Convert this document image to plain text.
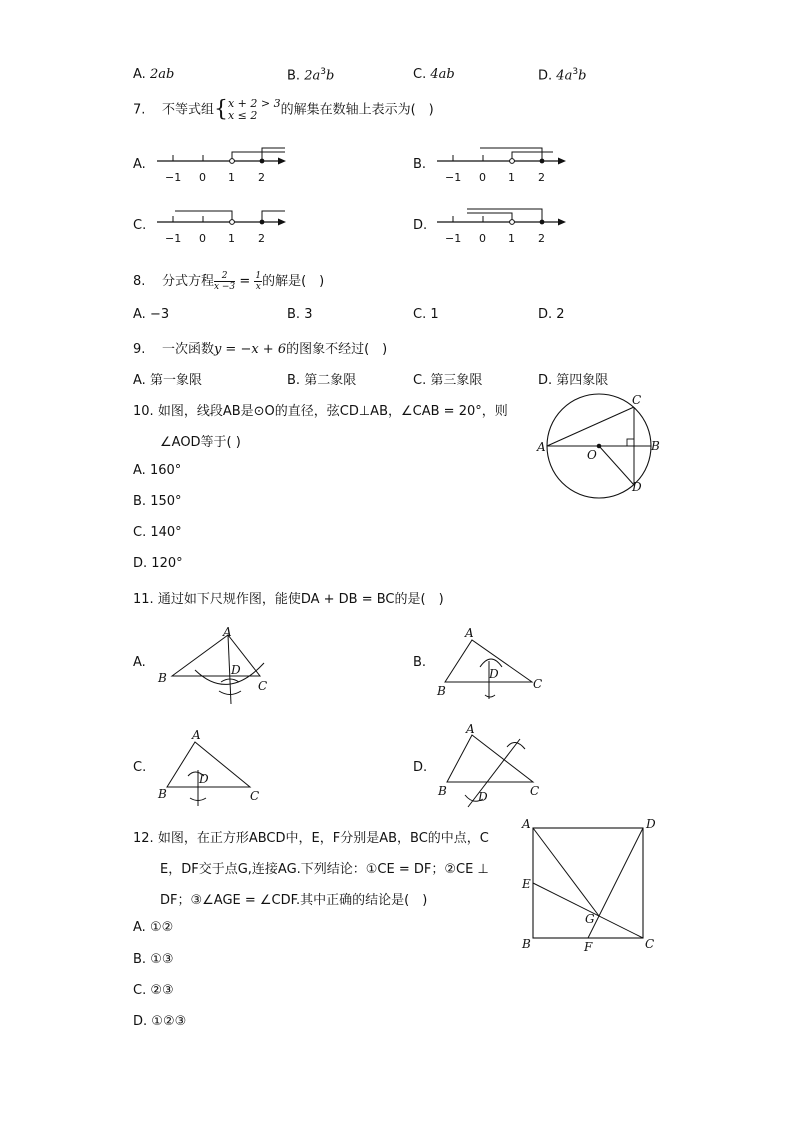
A. 2ab	B. $2a^3b$	C. 4ab	D. $4a^3b$
7. 不等式组{ x + 2 > 3
x ≤ 2	的解集在数轴上表示为(　)
A.	B.
C.	D.
−1 0 1 2	−1 0 1 2
−1 0 1 2	−1 0 1 2
8. 分式方程 $\frac{2}{x -3} = \frac{1}{x}$ 的解是(　)
A. −3	B. 3	C. 1	D. 2
9. 一次函数y = −x + 6的图象不经过(　)
A. 第一象限	B. 第二象限	C. 第三象限	D. 第四象限
10. 如图，线段AB是⊙O的直径，弦CD⊥AB，∠CAB = 20°，则
∠AOD等于( )
A. 160°
B. 150°
C. 140°
D. 120°
A	B
C
D
O
11. 通过如下尺规作图，能使DA + DB = BC的是(　)
A.	B.
C.	D.
A
B
C
D
A
B	C
D
A
B	C
D
A
B	C
D
12. 如图，在正方形ABCD中，E，F分别是AB，BC的中点，C
E，DF交于点G,连接AG.下列结论：①CE = DF；②CE ⊥
DF；③∠AGE = ∠CDF.其中正确的结论是(　)
A. ①②
B. ①③
C. ②③
D. ①②③
A	D
E
G
B	F	C
